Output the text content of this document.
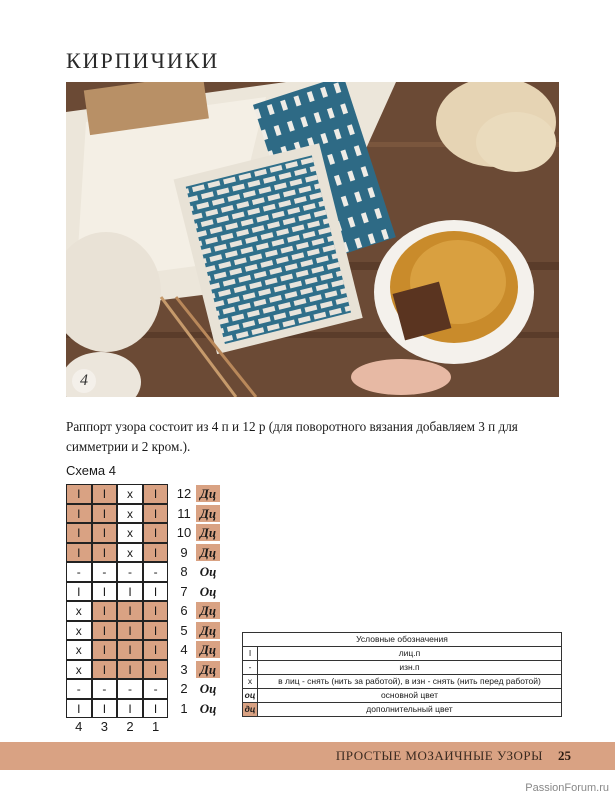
КИРПИЧИКИ
4
Раппорт узора состоит из 4 п и 12 р (для поворотного вязания добавляем 3 п для симметрии и 2 кром.).
Схема 4
I	I	x	I	12 Дц
I	I	x	I	11 Дц
I	I	x	I	10 Дц
I	I	x	I	9 Дц
-	-	-	-	8 Оц
I	I	I	I	7 Оц
x	I	I	I	6 Дц
x	I	I	I	5 Дц
x	I	I	I	4 Дц
x	I	I	I	3 Дц
-	-	-	-	2 Оц
I	I	I	I	1 Оц
4	3	2	1
Условные обозначения
I	лиц.п
-	изн.п
x	в лиц - снять (нить за работой), в изн - снять (нить перед работой)
оц	основной цвет
дц	дополнительный цвет
ПРОСТЫЕ МОЗАИЧНЫЕ УЗОРЫ 25
PassionForum.ru
